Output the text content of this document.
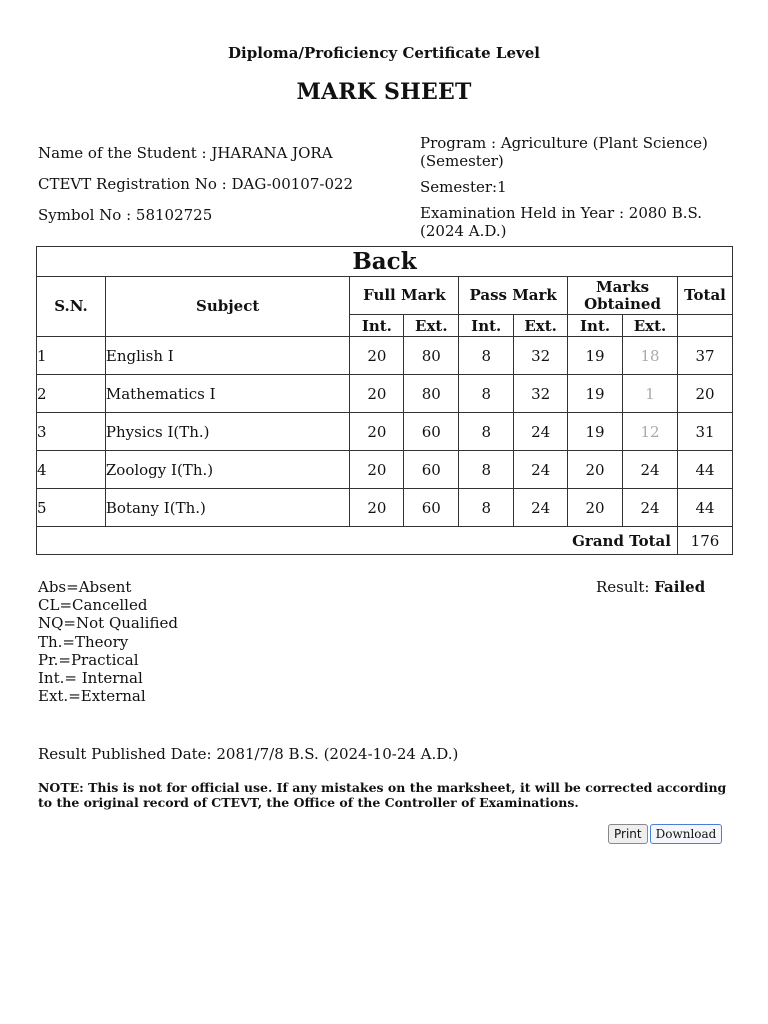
Diploma/Proficiency Certificate Level
MARK SHEET
Name of the Student : JHARANA JORA
CTEVT Registration No : DAG-00107-022
Symbol No : 58102725
Program : Agriculture (Plant Science) (Semester)
Semester:1
Examination Held in Year : 2080 B.S. (2024 A.D.)
Back								
S.N.	Subject	Full Mark		Pass Mark		Marks Obtained		Total
		Int.	Ext.	Int.	Ext.	Int.	Ext.	
1	English I	20	80	8	32	19	18	37
2	Mathematics I	20	80	8	32	19	1	20
3	Physics I(Th.)	20	60	8	24	19	12	31
4	Zoology I(Th.)	20	60	8	24	20	24	44
5	Botany I(Th.)	20	60	8	24	20	24	44
Grand Total								176
Abs=Absent
CL=Cancelled
NQ=Not Qualified
Th.=Theory
Pr.=Practical
Int.= Internal
Ext.=External
Result: Failed
Result Published Date: 2081/7/8 B.S. (2024-10-24 A.D.)
NOTE: This is not for official use. If any mistakes on the marksheet, it will be corrected according to the original record of CTEVT, the Office of the Controller of Examinations.
Print	Download
